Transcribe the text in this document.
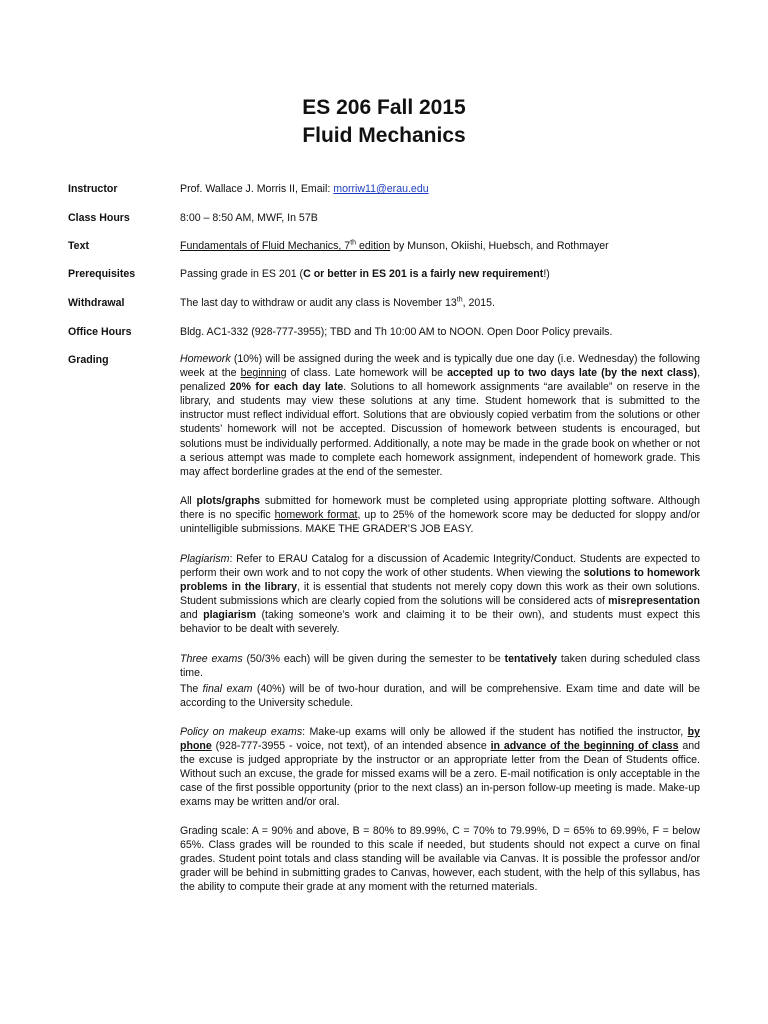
ES 206 Fall 2015
Fluid Mechanics
Instructor	Prof. Wallace J. Morris II, Email: morriw11@erau.edu
Class Hours	8:00 – 8:50 AM, MWF, In 57B
Text	Fundamentals of Fluid Mechanics, 7th edition by Munson, Okiishi, Huebsch, and Rothmayer
Prerequisites	Passing grade in ES 201 (C or better in ES 201 is a fairly new requirement!)
Withdrawal	The last day to withdraw or audit any class is November 13th, 2015.
Office Hours	Bldg. AC1-332 (928-777-3955); TBD and Th 10:00 AM to NOON. Open Door Policy prevails.
Grading	Homework (10%) will be assigned during the week and is typically due one day (i.e. Wednesday) the following week at the beginning of class. Late homework will be accepted up to two days late (by the next class), penalized 20% for each day late. Solutions to all homework assignments “are available” on reserve in the library, and students may view these solutions at any time. Student homework that is submitted to the instructor must reflect individual effort. Solutions that are obviously copied verbatim from the solutions or other students’ homework will not be accepted. Discussion of homework between students is encouraged, but solutions must be individually performed. Additionally, a note may be made in the grade book on whether or not a serious attempt was made to complete each homework assignment, independent of homework grade. This may affect borderline grades at the end of the semester.
All plots/graphs submitted for homework must be completed using appropriate plotting software. Although there is no specific homework format, up to 25% of the homework score may be deducted for sloppy and/or unintelligible submissions. MAKE THE GRADER’S JOB EASY.
Plagiarism: Refer to ERAU Catalog for a discussion of Academic Integrity/Conduct. Students are expected to perform their own work and to not copy the work of other students. When viewing the solutions to homework problems in the library, it is essential that students not merely copy down this work as their own solutions. Student submissions which are clearly copied from the solutions will be considered acts of misrepresentation and plagiarism (taking someone’s work and claiming it to be their own), and students must expect this behavior to be dealt with severely.
Three exams (50/3% each) will be given during the semester to be tentatively taken during scheduled class time.
The final exam (40%) will be of two-hour duration, and will be comprehensive. Exam time and date will be according to the University schedule.
Policy on makeup exams: Make-up exams will only be allowed if the student has notified the instructor, by phone (928-777-3955 - voice, not text), of an intended absence in advance of the beginning of class and the excuse is judged appropriate by the instructor or an appropriate letter from the Dean of Students office. Without such an excuse, the grade for missed exams will be a zero. E-mail notification is only acceptable in the case of the first possible opportunity (prior to the next class) an in-person follow-up meeting is made. Make-up exams may be written and/or oral.
Grading scale: A = 90% and above, B = 80% to 89.99%, C = 70% to 79.99%, D = 65% to 69.99%, F = below 65%. Class grades will be rounded to this scale if needed, but students should not expect a curve on final grades. Student point totals and class standing will be available via Canvas. It is possible the professor and/or grader will be behind in submitting grades to Canvas, however, each student, with the help of this syllabus, has the ability to compute their grade at any moment with the returned materials.
